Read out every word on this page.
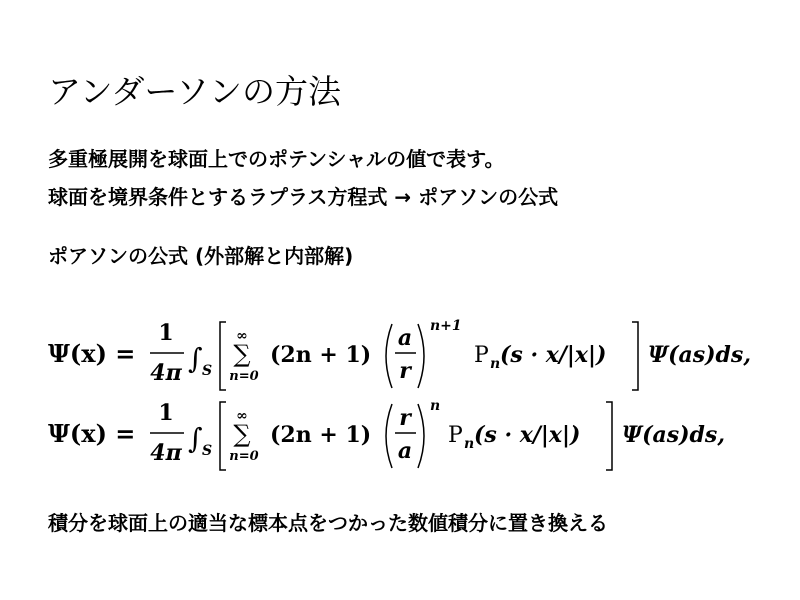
アンダーソンの方法
多重極展開を球面上でのポテンシャルの値で表す。
球面を境界条件とするラプラス方程式 → ポアソンの公式
ポアソンの公式 (外部解と内部解)
Ψ(x) =
1
4π ∫ S
∞
∑
n=0
(2n + 1)
a
r
n+1
P n (s · x/|x|) Ψ(as)ds,
Ψ(x) =
1
4π ∫ S
∞
∑
n=0
(2n + 1)
r
a
n
P n (s · x/|x|) Ψ(as)ds,
積分を球面上の適当な標本点をつかった数値積分に置き換える
